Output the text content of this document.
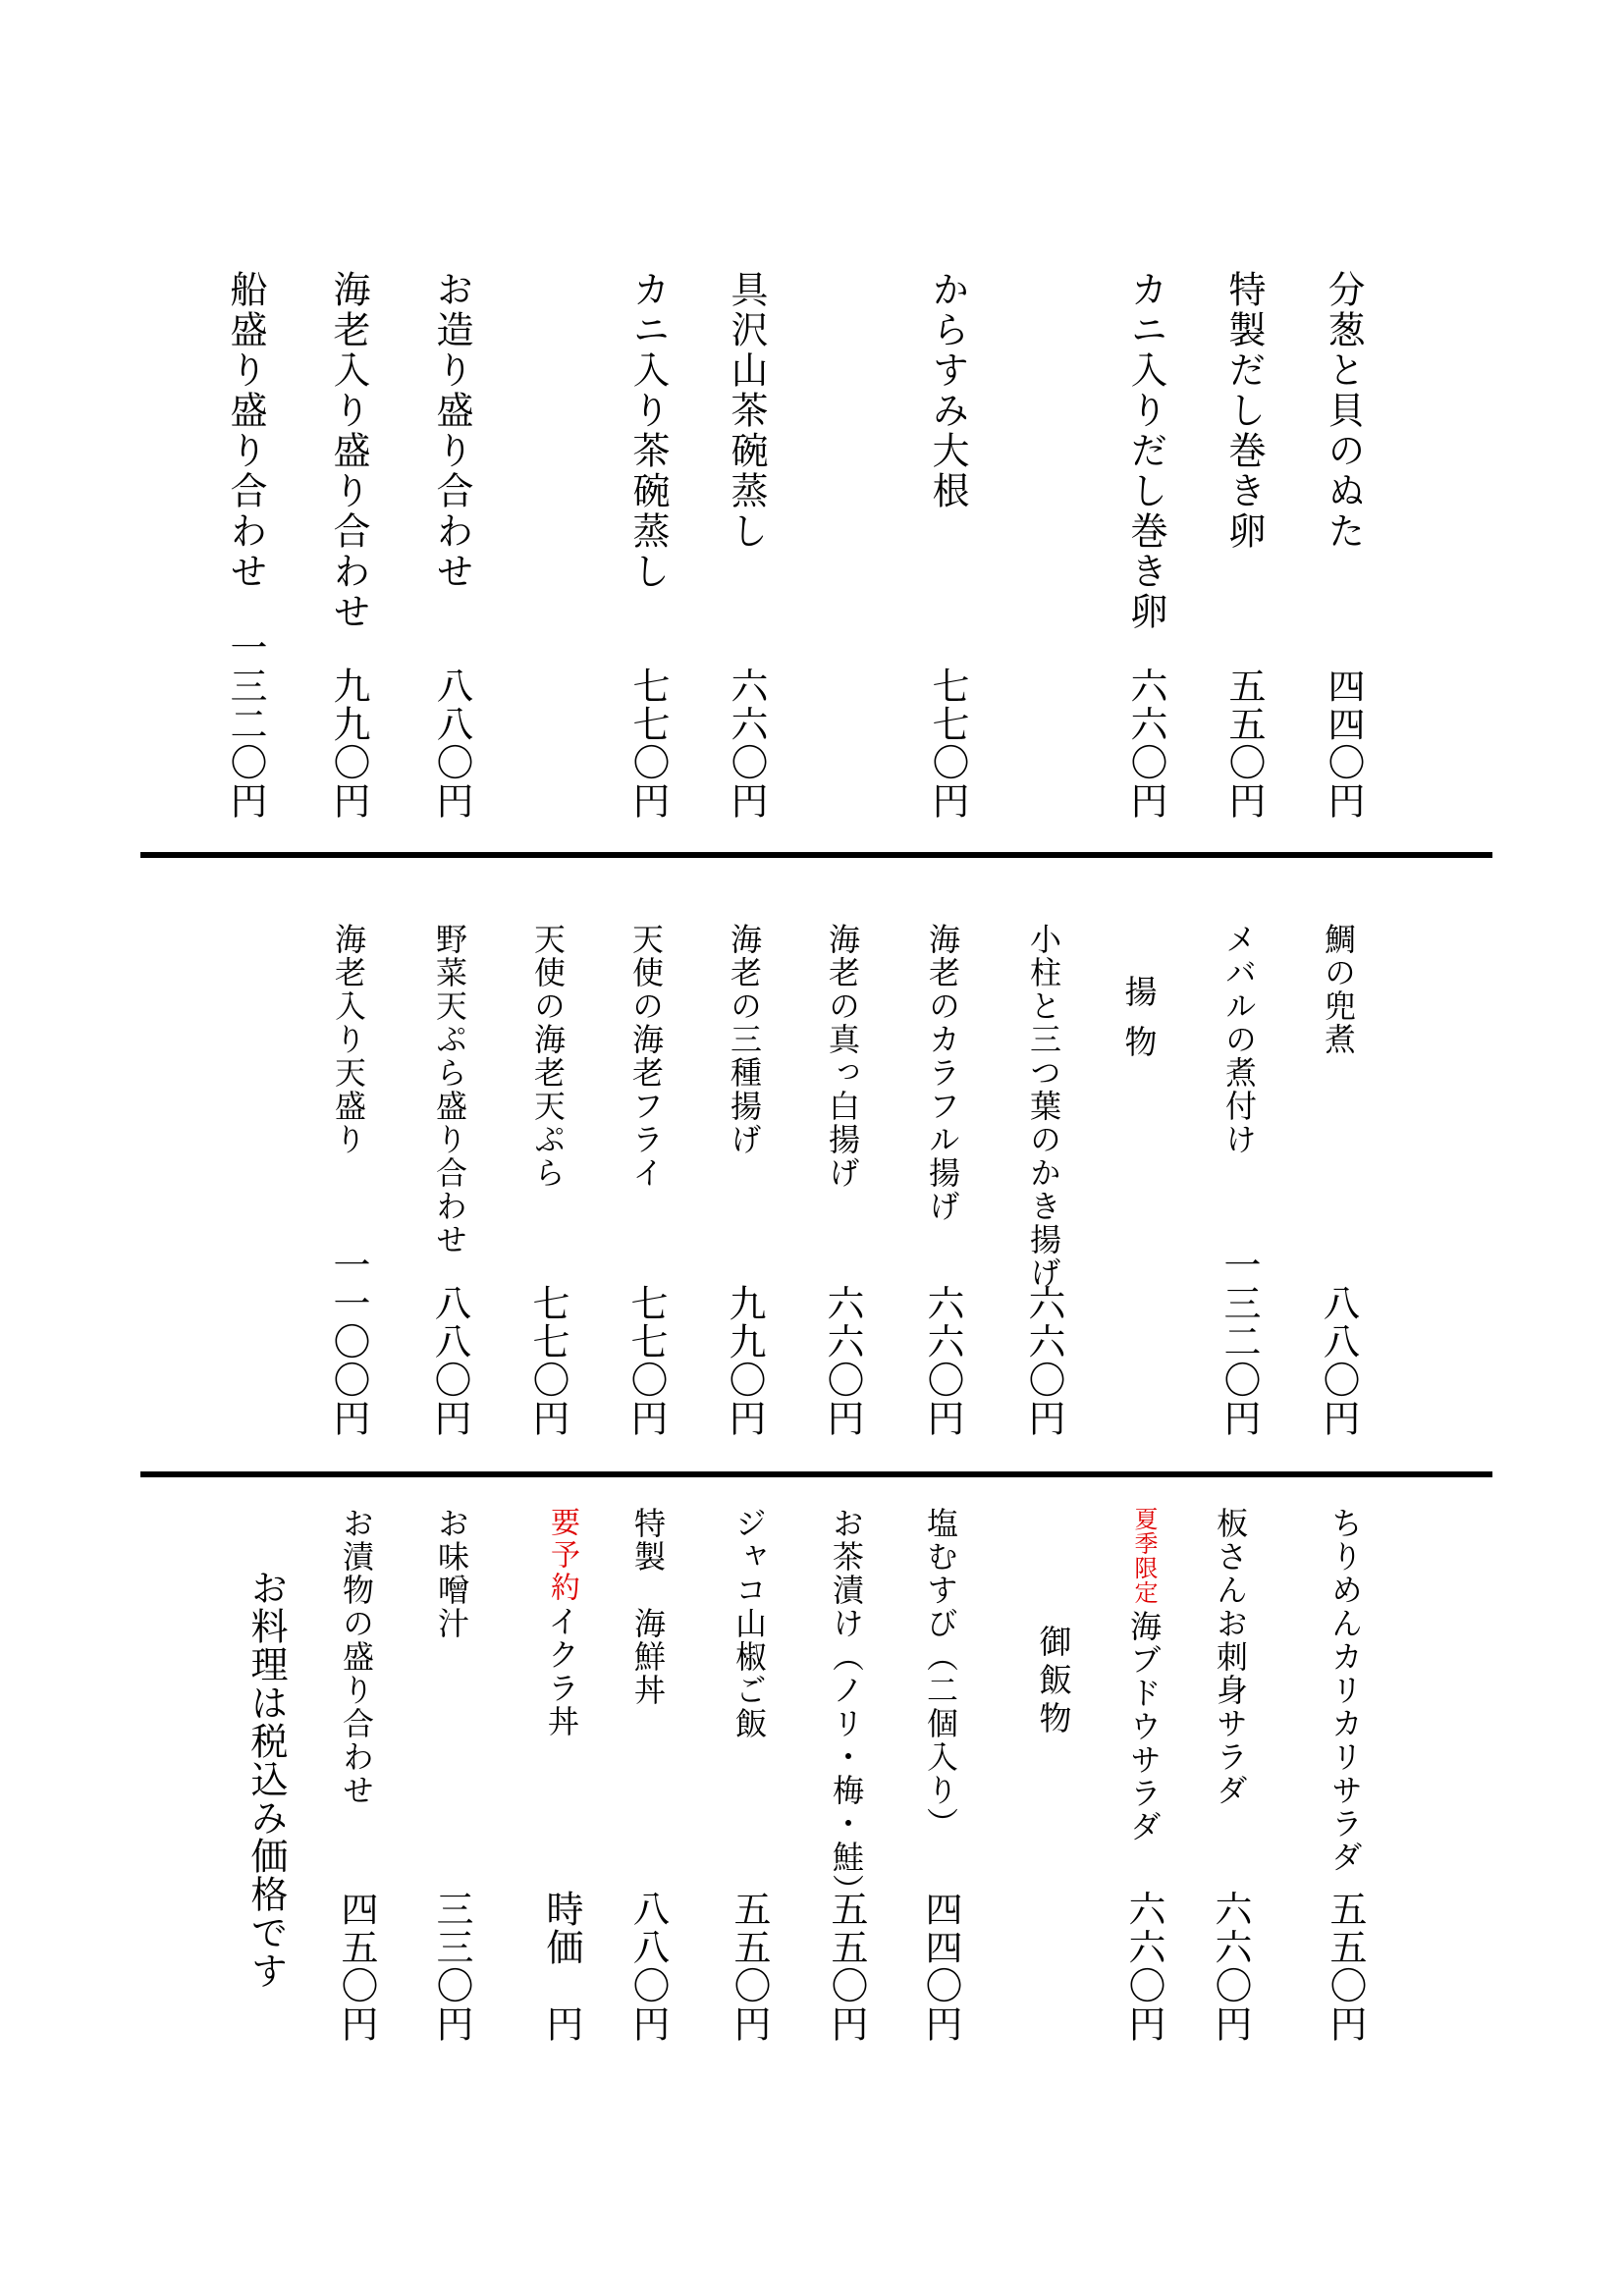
分葱と貝のぬた
四四〇円
特製だし巻き卵
五五〇円
カニ入りだし巻き卵
六六〇円
からすみ大根
七七〇円
具沢山茶碗蒸し
六六〇円
カニ入り茶碗蒸し
七七〇円
お造り盛り合わせ
八八〇円
海老入り盛り合わせ
九九〇円
船盛り盛り合わせ
一三二〇円
鯛の兜煮
八八〇円
メバルの煮付け
一三二〇円
揚物
小柱と三つ葉のかき揚げ
六六〇円
海老のカラフル揚げ
六六〇円
海老の真っ白揚げ
六六〇円
海老の三種揚げ
九九〇円
天使の海老フライ
七七〇円
天使の海老天ぷら
七七〇円
野菜天ぷら盛り合わせ
八八〇円
海老入り天盛り
一一〇〇円
ちりめんカリカリサラダ
五五〇円
板さんお刺身サラダ
六六〇円
夏季限定
海ブドウサラダ
六六〇円
御飯物
塩むすび（二個入り）
四四〇円
お茶漬け（ノリ・梅・鮭）
五五〇円
ジャコ山椒ご飯
五五〇円
特製　海鮮丼
八八〇円
要予約
イクラ丼
時価　円
お味噌汁
三三〇円
お漬物の盛り合わせ
四五〇円
お料理は税込み価格です
